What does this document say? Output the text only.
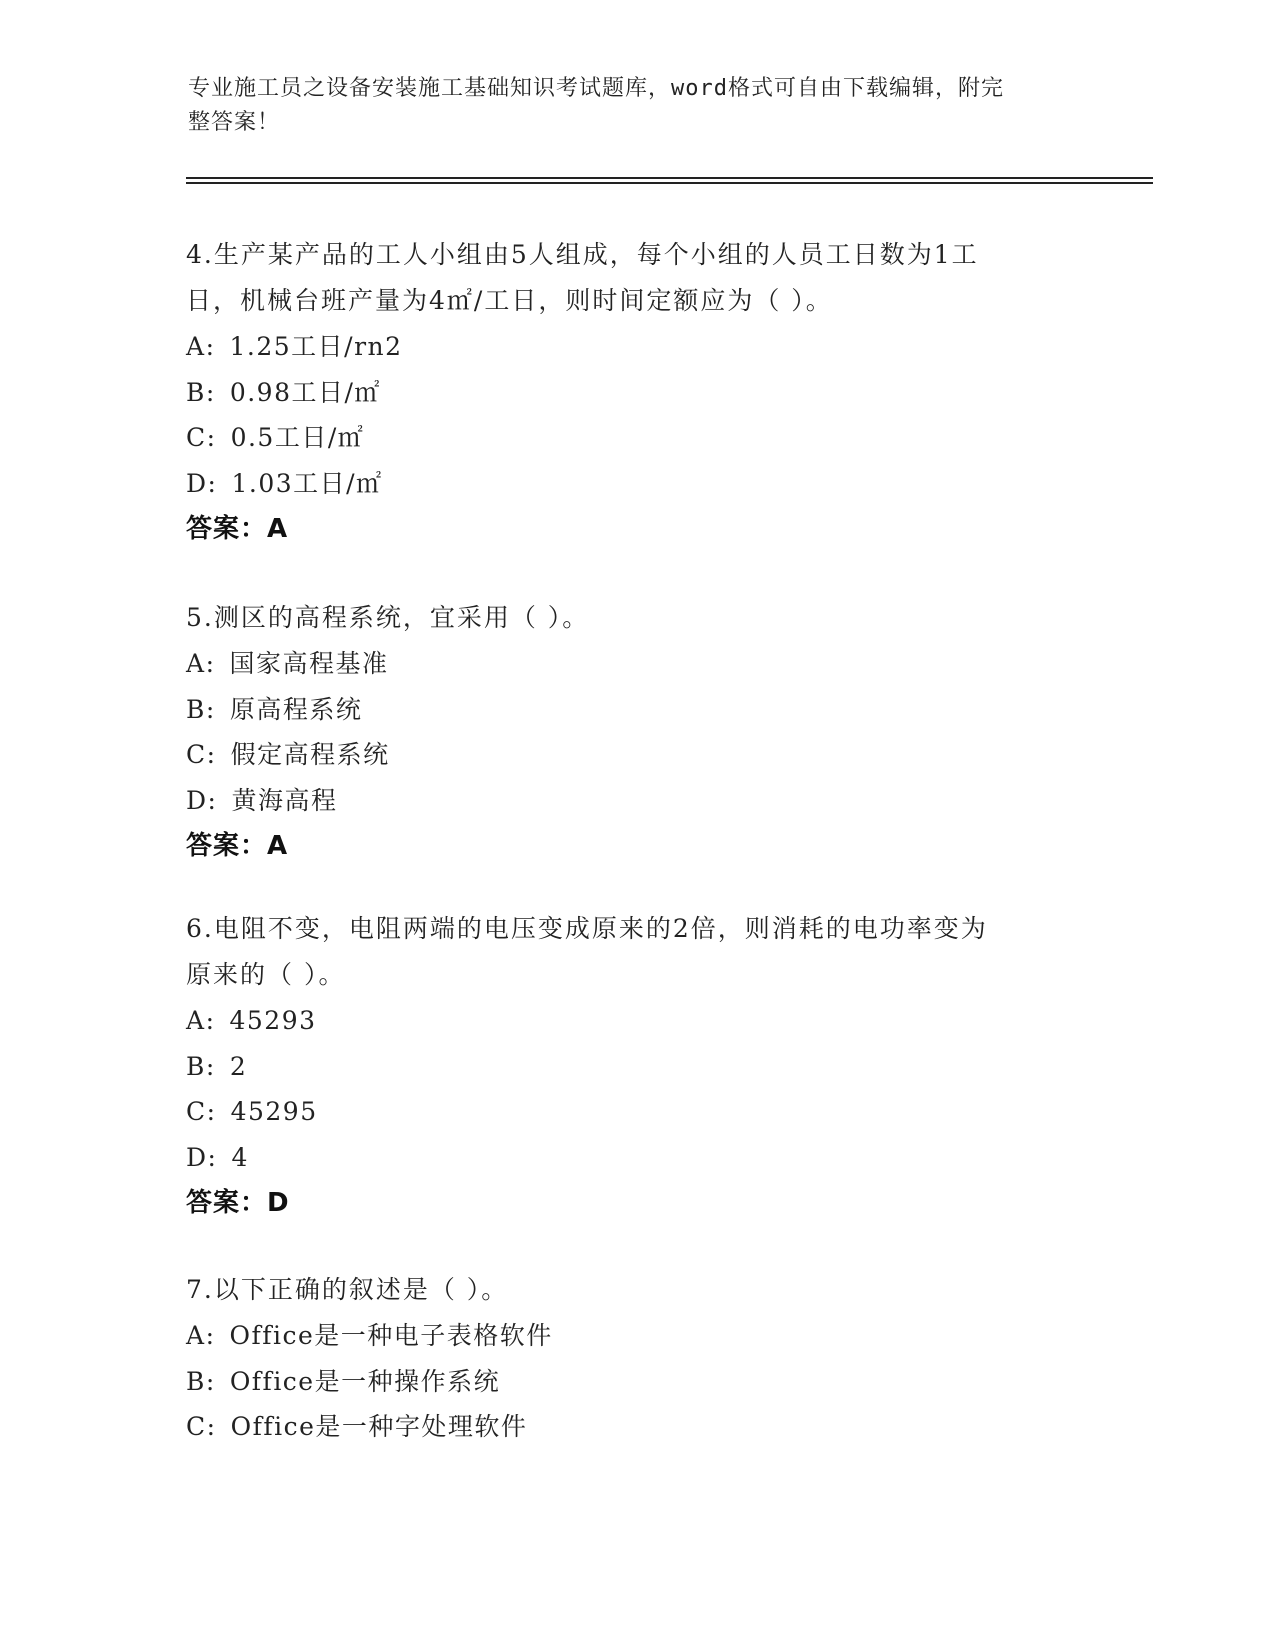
专业施工员之设备安装施工基础知识考试题库，word格式可自由下载编辑，附完
整答案！

4.生产某产品的工人小组由5人组成，每个小组的人员工日数为1工

日，机械台班产量为4㎡/工日，则时间定额应为（ ）。

A: 1.25工日/rn2

B: 0.98工日/㎡

C: 0.5工日/㎡

D: 1.03工日/㎡

答案：A

5.测区的高程系统，宜采用（ ）。

A: 国家高程基准

B: 原高程系统

C: 假定高程系统

D: 黄海高程

答案：A

6.电阻不变，电阻两端的电压变成原来的2倍，则消耗的电功率变为

原来的（ ）。

A: 45293

B: 2

C: 45295

D: 4

答案：D

7.以下正确的叙述是（ ）。

A: Office是一种电子表格软件

B: Office是一种操作系统

C: Office是一种字处理软件
